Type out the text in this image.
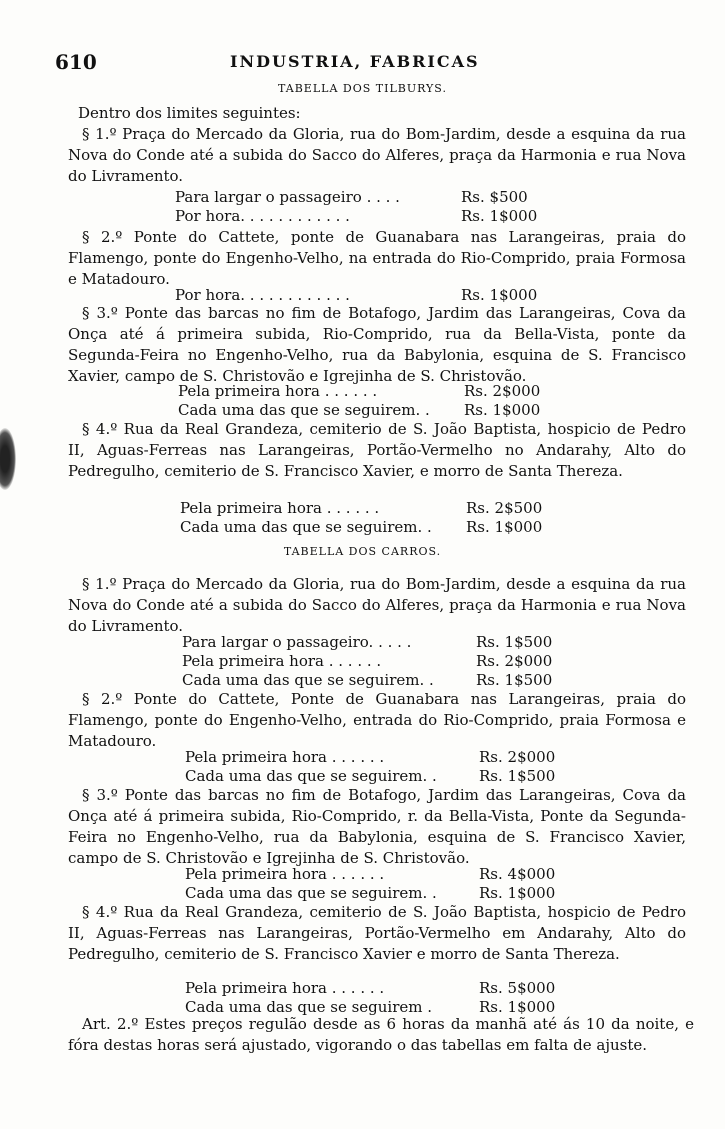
610	INDUSTRIA, FABRICAS
TABELLA DOS TILBURYS.
Dentro dos limites seguintes:

§ 1.º Praça do Mercado da Gloria, rua do Bom-Jardim, desde a esquina da rua Nova do Conde até a subida do Sacco do Alferes, praça da Harmonia e rua Nova do Livramento.

Para largar o passageiro . . . .	Rs. $500
Por hora. . . . . . . . . . . .	Rs. 1$000

§ 2.º Ponte do Cattete, ponte de Guanabara nas Larangeiras, praia do Flamengo, ponte do Engenho-Velho, na entrada do Rio-Comprido, praia Formosa e Matadouro.

Por hora. . . . . . . . . . . .	Rs. 1$000

§ 3.º Ponte das barcas no fim de Botafogo, Jardim das Larangeiras, Cova da Onça até á primeira subida, Rio-Comprido, rua da Bella-Vista, ponte da Segunda-Feira no Engenho-Velho, rua da Babylonia, esquina de S. Francisco Xavier, campo de S. Christovão e Igrejinha de S. Christovão.

Pela primeira hora . . . . . .	Rs. 2$000
Cada uma das que se seguirem. . Rs. 1$000

§ 4.º Rua da Real Grandeza, cemiterio de S. João Baptista, hospicio de Pedro II, Aguas-Ferreas nas Larangeiras, Portão-Vermelho no Andarahy, Alto do Pedregulho, cemiterio de S. Francisco Xavier, e morro de Santa Thereza.

Pela primeira hora . . . . . .	Rs. 2$500
Cada uma das que se seguirem. . Rs. 1$000
TABELLA DOS CARROS.

§ 1.º Praça do Mercado da Gloria, rua do Bom-Jardim, desde a esquina da rua Nova do Conde até a subida do Sacco do Alferes, praça da Harmonia e rua Nova do Livramento.

Para largar o passageiro. . . . .	Rs. 1$500
Pela primeira hora . . . . . .	Rs. 2$000
Cada uma das que se seguirem. .	Rs. 1$500

§ 2.º Ponte do Cattete, Ponte de Guanabara nas Larangeiras, praia do Flamengo, ponte do Engenho-Velho, entrada do Rio-Comprido, praia Formosa e Matadouro.

Pela primeira hora . . . . . .	Rs. 2$000
Cada uma das que se seguirem. .	Rs. 1$500

§ 3.º Ponte das barcas no fim de Botafogo, Jardim das Larangeiras, Cova da Onça até á primeira subida, Rio-Comprido, r. da Bella-Vista, Ponte da Segunda-Feira no Engenho-Velho, rua da Babylonia, esquina de S. Francisco Xavier, campo de S. Christovão e Igrejinha de S. Christovão.

Pela primeira hora . . . . . .	Rs. 4$000
Cada uma das que se seguirem. .	Rs. 1$000

§ 4.º Rua da Real Grandeza, cemiterio de S. João Baptista, hospicio de Pedro II, Aguas-Ferreas nas Larangeiras, Portão-Vermelho em Andarahy, Alto do Pedregulho, cemiterio de S. Francisco Xavier e morro de Santa Thereza.

Pela primeira hora . . . . . .	Rs. 5$000
Cada uma das que se seguirem .	Rs. 1$000

Art. 2.º Estes preços regulão desde as 6 horas da manhã até ás 10 da noite, e fóra destas horas será ajustado, vigorando o das tabellas em falta de ajuste.
